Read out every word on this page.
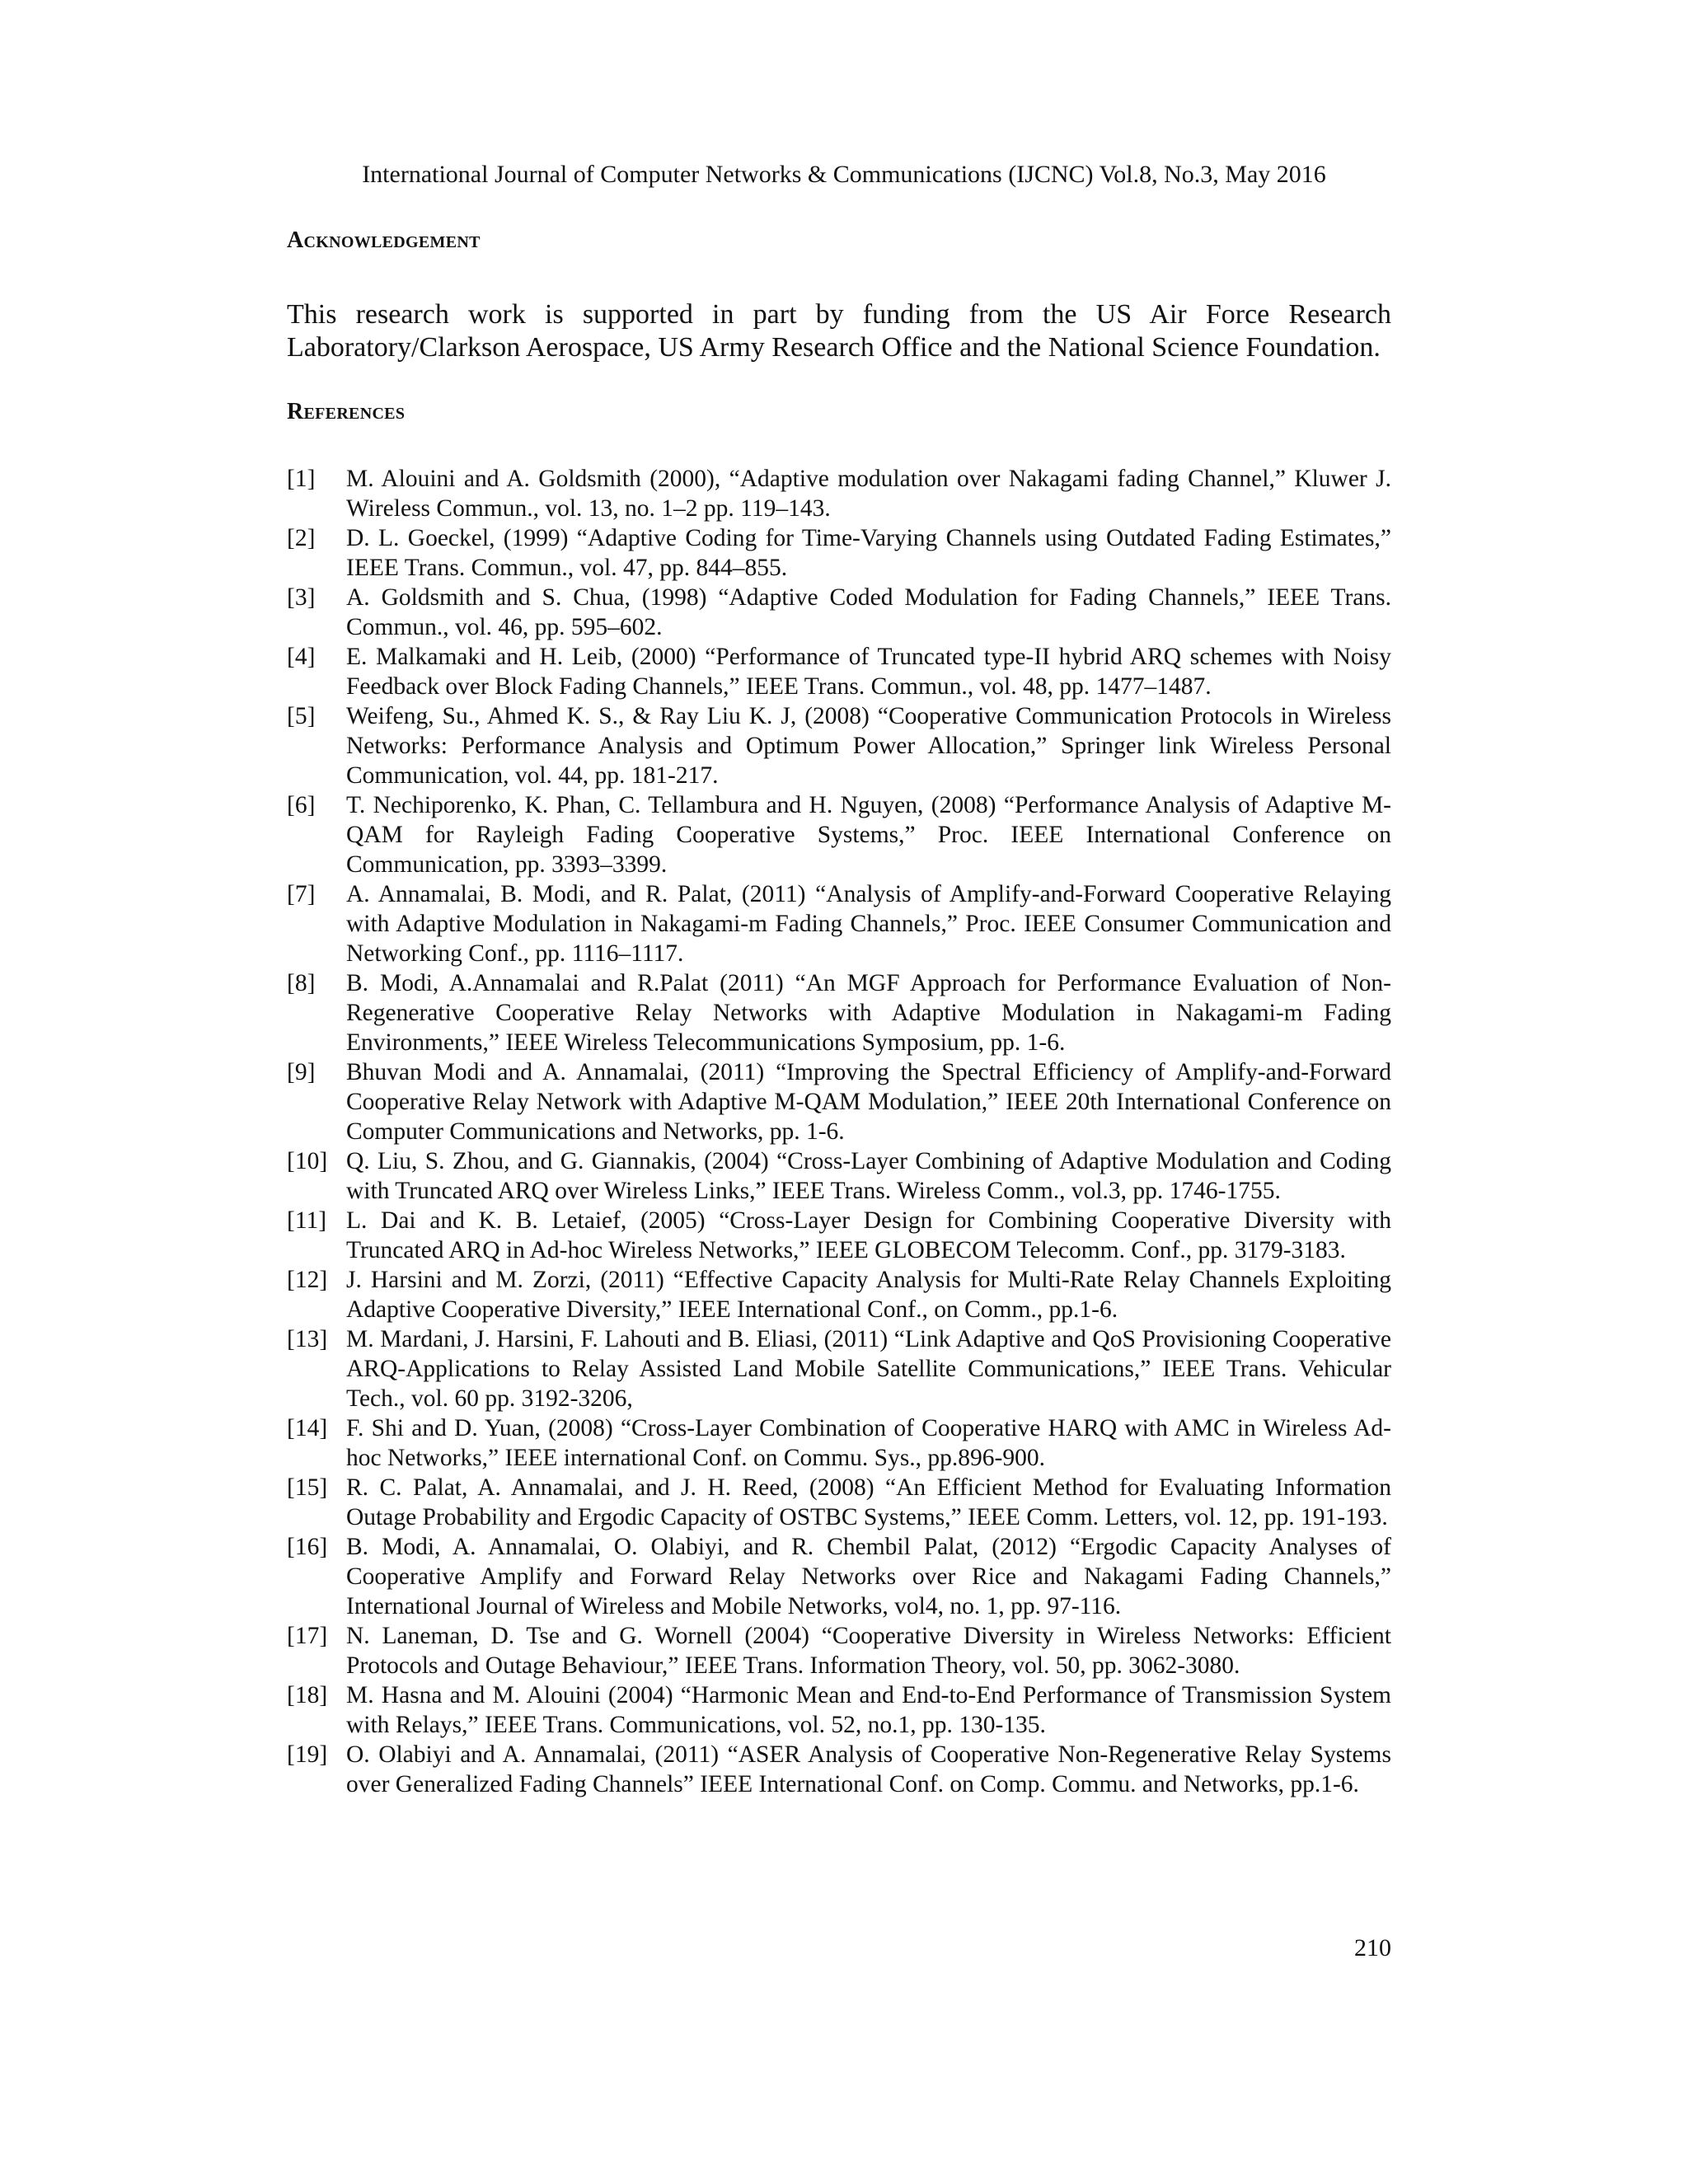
International Journal of Computer Networks & Communications (IJCNC) Vol.8, No.3, May 2016
Acknowledgement

This research work is supported in part by funding from the US Air Force Research Laboratory/Clarkson Aerospace, US Army Research Office and the National Science Foundation.

References
[1]	M. Alouini and A. Goldsmith (2000), “Adaptive modulation over Nakagami fading Channel,” Kluwer J. Wireless Commun., vol. 13, no. 1–2 pp. 119–143.
[2]	D. L. Goeckel, (1999) “Adaptive Coding for Time-Varying Channels using Outdated Fading Estimates,” IEEE Trans. Commun., vol. 47, pp. 844–855.
[3]	A. Goldsmith and S. Chua, (1998) “Adaptive Coded Modulation for Fading Channels,” IEEE Trans. Commun., vol. 46, pp. 595–602.
[4]	E. Malkamaki and H. Leib, (2000) “Performance of Truncated type-II hybrid ARQ schemes with Noisy Feedback over Block Fading Channels,” IEEE Trans. Commun., vol. 48, pp. 1477–1487.
[5]	Weifeng, Su., Ahmed K. S., & Ray Liu K. J, (2008) “Cooperative Communication Protocols in Wireless Networks: Performance Analysis and Optimum Power Allocation,” Springer link Wireless Personal Communication, vol. 44, pp. 181-217.
[6]	T. Nechiporenko, K. Phan, C. Tellambura and H. Nguyen, (2008) “Performance Analysis of Adaptive M-QAM for Rayleigh Fading Cooperative Systems,” Proc. IEEE International Conference on Communication, pp. 3393–3399.
[7]	A. Annamalai, B. Modi, and R. Palat, (2011) “Analysis of Amplify-and-Forward Cooperative Relaying with Adaptive Modulation in Nakagami-m Fading Channels,” Proc. IEEE Consumer Communication and Networking Conf., pp. 1116–1117.
[8]	B. Modi, A.Annamalai and R.Palat (2011) “An MGF Approach for Performance Evaluation of Non-Regenerative Cooperative Relay Networks with Adaptive Modulation in Nakagami-m Fading Environments,” IEEE Wireless Telecommunications Symposium, pp. 1-6.
[9]	Bhuvan Modi and A. Annamalai, (2011) “Improving the Spectral Efficiency of Amplify-and-Forward Cooperative Relay Network with Adaptive M-QAM Modulation,” IEEE 20th International Conference on Computer Communications and Networks, pp. 1-6.
[10] Q. Liu, S. Zhou, and G. Giannakis, (2004) “Cross-Layer Combining of Adaptive Modulation and Coding with Truncated ARQ over Wireless Links,” IEEE Trans. Wireless Comm., vol.3, pp. 1746-1755.
[11] L. Dai and K. B. Letaief, (2005) “Cross-Layer Design for Combining Cooperative Diversity with Truncated ARQ in Ad-hoc Wireless Networks,” IEEE GLOBECOM Telecomm. Conf., pp. 3179-3183.
[12] J. Harsini and M. Zorzi, (2011) “Effective Capacity Analysis for Multi-Rate Relay Channels Exploiting Adaptive Cooperative Diversity,” IEEE International Conf., on Comm., pp.1-6.
[13] M. Mardani, J. Harsini, F. Lahouti and B. Eliasi, (2011) “Link Adaptive and QoS Provisioning Cooperative ARQ-Applications to Relay Assisted Land Mobile Satellite Communications,” IEEE Trans. Vehicular Tech., vol. 60 pp. 3192-3206,
[14] F. Shi and D. Yuan, (2008) “Cross-Layer Combination of Cooperative HARQ with AMC in Wireless Ad-hoc Networks,” IEEE international Conf. on Commu. Sys., pp.896-900.
[15] R. C. Palat, A. Annamalai, and J. H. Reed, (2008) “An Efficient Method for Evaluating Information Outage Probability and Ergodic Capacity of OSTBC Systems,” IEEE Comm. Letters, vol. 12, pp. 191-193.
[16] B. Modi, A. Annamalai, O. Olabiyi, and R. Chembil Palat, (2012) “Ergodic Capacity Analyses of Cooperative Amplify and Forward Relay Networks over Rice and Nakagami Fading Channels,” International Journal of Wireless and Mobile Networks, vol4, no. 1, pp. 97-116.
[17] N. Laneman, D. Tse and G. Wornell (2004) “Cooperative Diversity in Wireless Networks: Efficient Protocols and Outage Behaviour,” IEEE Trans. Information Theory, vol. 50, pp. 3062-3080.
[18] M. Hasna and M. Alouini (2004) “Harmonic Mean and End-to-End Performance of Transmission System with Relays,” IEEE Trans. Communications, vol. 52, no.1, pp. 130-135.
[19] O. Olabiyi and A. Annamalai, (2011) “ASER Analysis of Cooperative Non-Regenerative Relay Systems over Generalized Fading Channels” IEEE International Conf. on Comp. Commu. and Networks, pp.1-6.
210
